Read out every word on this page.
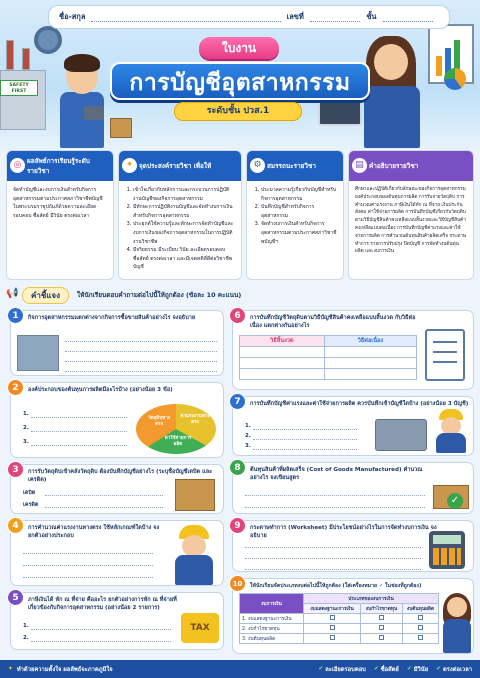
SAFETY FIRST
ชื่อ-สกุล	เลขที่	ชั้น
ใบงาน
การบัญชีอุตสาหกรรม
ระดับชั้น ปวส.1
◎ ผลลัพธ์การเรียนรู้ระดับรายวิชา
จัดทำบัญชีและงบการเงินสำหรับกิจการอุตสาหกรรมตามประกาศสภาวิชาชีพบัญชีในพระบรมราชูปถัมภ์ด้วยความละเอียด รอบคอบ ซื่อสัตย์ มีวินัย ตรงต่อเวลา
✦ จุดประสงค์รายวิชา เพื่อให้
1. เข้าใจเกี่ยวกับหลักการและกระบวนการปฏิบัติงานบัญชีของกิจการอุตสาหกรรม
2. มีทักษะการปฏิบัติงานบัญชีและจัดทำงบการเงินสำหรับกิจการอุตสาหกรรม
3. ประยุกต์ใช้ความรู้และทักษะการจัดทำบัญชีและงบการเงินของกิจการอุตสาหกรรมในการปฏิบัติงานวิชาชีพ
4. มีจริยธรรม มีระเบียบ วินัย ละเอียดรอบคอบ ซื่อสัตย์ ตรงต่อเวลา และมีเจตคติที่ดีต่อวิชาชีพบัญชี
⚙ สมรรถนะรายวิชา
1. ประมวลความรู้เกี่ยวกับบัญชีสำหรับกิจการอุตสาหกรรม
2. บันทึกบัญชีสำหรับกิจการอุตสาหกรรม
3. จัดทำงบการเงินสำหรับกิจการอุตสาหกรรมตามประกาศสภาวิชาชีพบัญชีฯ
▤ คำอธิบายรายวิชา
ศึกษาและปฏิบัติเกี่ยวกับลักษณะของกิจการอุตสาหกรรม องค์ประกอบของต้นทุนการผลิต การรับจ่ายวัตถุดิบ การคำนวณค่าแรงงาน ภาษีเงินได้หัก ณ ที่จ่าย เงินประกันสังคม ค่าใช้จ่ายการผลิต การบันทึกบัญชีเกี่ยวกับวัตถุดิบตามวิธีบัญชีสินค้าคงเหลือแบบสิ้นงวดและวิธีบัญชีสินค้าคงเหลือแบบต่อเนื่อง การบันทึกบัญชีค่าแรงและค่าใช้จ่ายการผลิต การคำนวณต้นทุนสินค้าผลิตเสร็จ กระดาษทำการ รายการปรับปรุง ปิดบัญชี การจัดทำงบต้นทุนผลิต และงบการเงิน
📢	คำชี้แจง	ให้นักเรียนตอบคำถามต่อไปนี้ให้ถูกต้อง (ข้อละ 10 คะแนน)
1	กิจการอุตสาหกรรมแตกต่างจากกิจการซื้อขายสินค้าอย่างไร จงอธิบาย
2	องค์ประกอบของต้นทุนการผลิตมีอะไรบ้าง (อย่างน้อย 3 ข้อ)
1.
2.
3.
วัตถุดิบทางตรง
ค่าแรงงานทางตรง
ค่าใช้จ่ายการผลิต
3	การรับวัตถุดิบเข้าคลังวัตถุดิบ ต้องบันทึกบัญชีอย่างไร (ระบุชื่อบัญชีเดบิต และเครดิต)
เดบิต
เครดิต
4	การคำนวณค่าแรงงานทางตรง ใช้หลักเกณฑ์ใดบ้าง จงยกตัวอย่างประกอบ
5	ภาษีเงินได้ หัก ณ ที่จ่าย คืออะไร ยกตัวอย่างการหัก ณ ที่จ่ายที่เกี่ยวข้องกับกิจการอุตสาหกรรม (อย่างน้อย 2 รายการ)
1.
2.
TAX
6	การบันทึกบัญชีวัตถุดิบตามวิธีบัญชีสินค้าคงเหลือแบบสิ้นงวด กับวิธีต่อเนื่อง แตกต่างกันอย่างไร
วิธีสิ้นงวด	วิธีต่อเนื่อง

7	การบันทึกบัญชีค่าแรงและค่าใช้จ่ายการผลิต ควรบันทึกเข้าบัญชีใดบ้าง (อย่างน้อย 3 บัญชี)
1.
2.
3.
8	ต้นทุนสินค้าที่ผลิตเสร็จ (Cost of Goods Manufactured) คำนวณอย่างไร จงเขียนสูตร
✓
9	กระดาษทำการ (Worksheet) มีประโยชน์อย่างไรในการจัดทำงบการเงิน จงอธิบาย
10	ให้นักเรียนจัดประเภทงบต่อไปนี้ให้ถูกต้อง (ใส่เครื่องหมาย ✓ ในช่องที่ถูกต้อง)
งบการเงิน	ประเภทของงบการเงิน		
	งบแสดงฐานะการเงิน	งบกำไรขาดทุน	งบต้นทุนผลิต
1. งบแสดงฐานะการเงิน			
2. งบกำไรขาดทุน			
3. งบต้นทุนผลิต			
✦ ทำด้วยความตั้งใจ ผลลัพธ์จะภาคภูมิใจ	✔ ละเอียดรอบคอบ ✔ ซื่อสัตย์ ✔ มีวินัย ✔ ตรงต่อเวลา
